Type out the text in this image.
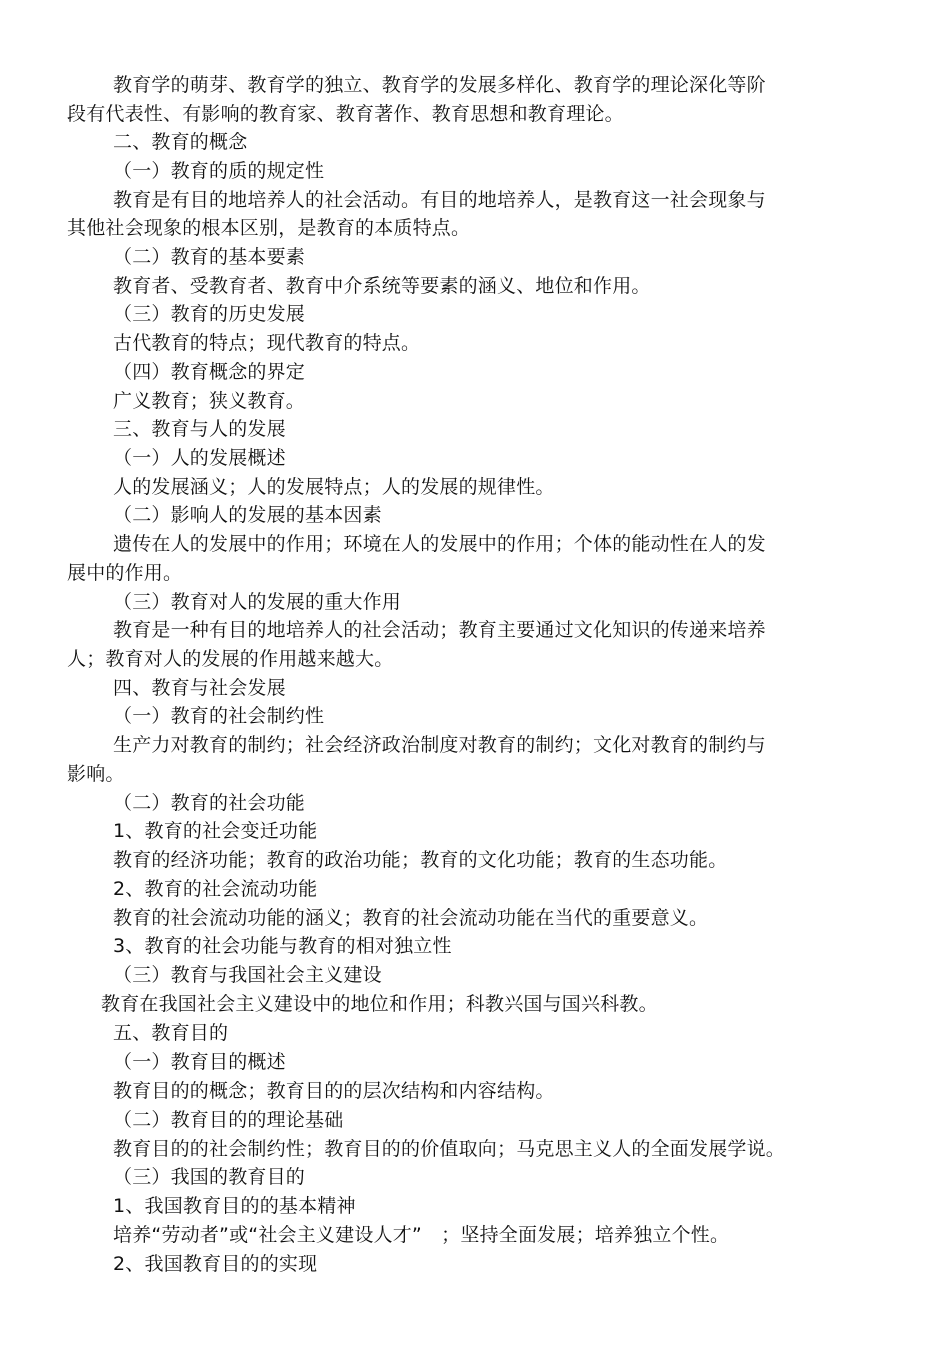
教育学的萌芽、教育学的独立、教育学的发展多样化、教育学的理论深化等阶
段有代表性、有影响的教育家、教育著作、教育思想和教育理论。
二、教育的概念
（一）教育的质的规定性
教育是有目的地培养人的社会活动。有目的地培养人，是教育这一社会现象与
其他社会现象的根本区别，是教育的本质特点。
（二）教育的基本要素
教育者、受教育者、教育中介系统等要素的涵义、地位和作用。
（三）教育的历史发展
古代教育的特点；现代教育的特点。
（四）教育概念的界定
广义教育；狭义教育。
三、教育与人的发展
（一）人的发展概述
人的发展涵义；人的发展特点；人的发展的规律性。
（二）影响人的发展的基本因素
遗传在人的发展中的作用；环境在人的发展中的作用；个体的能动性在人的发
展中的作用。
（三）教育对人的发展的重大作用
教育是一种有目的地培养人的社会活动；教育主要通过文化知识的传递来培养
人；教育对人的发展的作用越来越大。
四、教育与社会发展
（一）教育的社会制约性
生产力对教育的制约；社会经济政治制度对教育的制约；文化对教育的制约与
影响。
（二）教育的社会功能
1、教育的社会变迁功能
教育的经济功能；教育的政治功能；教育的文化功能；教育的生态功能。
2、教育的社会流动功能
教育的社会流动功能的涵义；教育的社会流动功能在当代的重要意义。
3、教育的社会功能与教育的相对独立性
（三）教育与我国社会主义建设
教育在我国社会主义建设中的地位和作用；科教兴国与国兴科教。
五、教育目的
（一）教育目的概述
教育目的的概念；教育目的的层次结构和内容结构。
（二）教育目的的理论基础
教育目的的社会制约性；教育目的的价值取向；马克思主义人的全面发展学说。
（三）我国的教育目的
1、我国教育目的的基本精神
培养“劳动者”或“社会主义建设人才”　；坚持全面发展；培养独立个性。
2、我国教育目的的实现
